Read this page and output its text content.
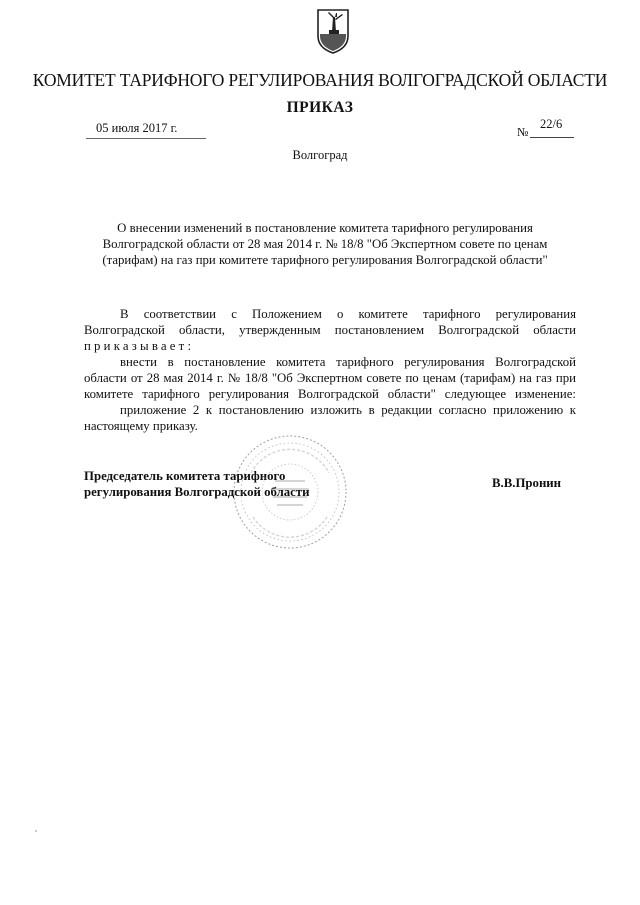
КОМИТЕТ ТАРИФНОГО РЕГУЛИРОВАНИЯ ВОЛГОГРАДСКОЙ ОБЛАСТИ
ПРИКАЗ
05 июля 2017 г.	№
22/6
Волгоград
О внесении изменений в постановление комитета тарифного регулирования Волгоградской области от 28 мая 2014 г. № 18/8 "Об Экспертном совете по ценам (тарифам) на газ при комитете тарифного регулирования Волгоградской области"
В соответствии с Положением о комитете тарифного регулирования Волгоградской области, утвержденным постановлением Волгоградской области
приказывает:
внести в постановление комитета тарифного регулирования Волгоградской области от 28 мая 2014 г. № 18/8 "Об Экспертном совете по ценам (тарифам) на газ при комитете тарифного регулирования Волгоградской области" следующее изменение:
приложение 2 к постановлению изложить в редакции согласно приложению к настоящему приказу.
Председатель комитета тарифного
регулирования Волгоградской области
В.В.Пронин
